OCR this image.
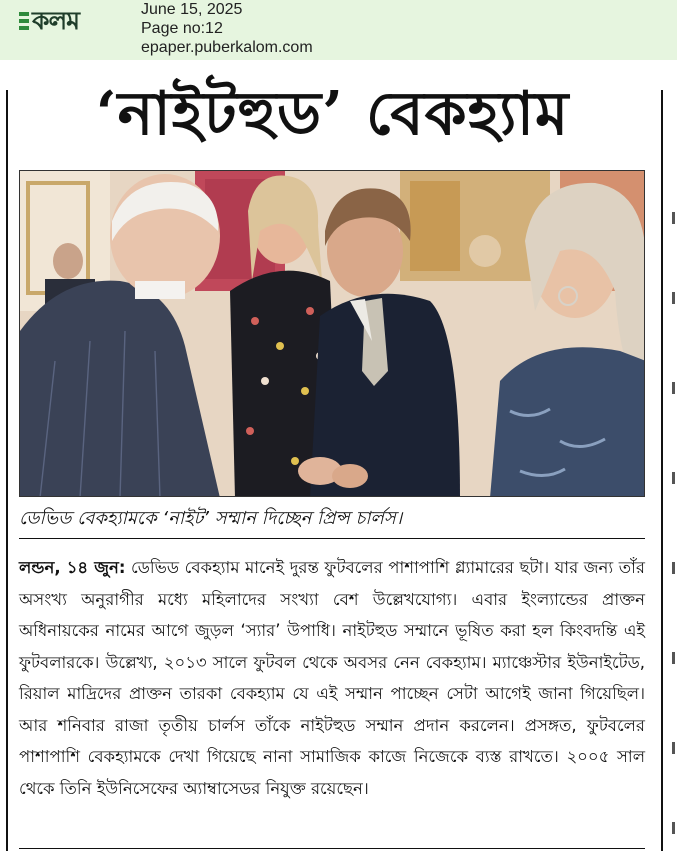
কলম	June 15, 2025
Page no:12
epaper.puberkalom.com
‘নাইটহুড’ বেকহ্যাম
ডেভিড বেকহ্যামকে ‘নাইট’ সম্মান দিচ্ছেন প্রিন্স চার্লস।
লন্ডন, ১৪ জুন: ডেভিড বেকহ্যাম মানেই দুরন্ত ফুটবলের পাশাপাশি গ্ল্যামারের ছটা। যার জন্য তাঁর অসংখ্য অনুরাগীর মধ্যে মহিলাদের সংখ্যা বেশ উল্লেখযোগ্য। এবার ইংল্যান্ডের প্রাক্তন অধিনায়কের নামের আগে জুড়ল ‘স্যার’ উপাধি। নাইটহুড সম্মানে ভূষিত করা হল কিংবদন্তি এই ফুটবলারকে। উল্লেখ্য, ২০১৩ সালে ফুটবল থেকে অবসর নেন বেকহ্যাম। ম্যাঞ্চেস্টার ইউনাইটেড, রিয়াল মাদ্রিদের প্রাক্তন তারকা বেকহ্যাম যে এই সম্মান পাচ্ছেন সেটা আগেই জানা গিয়েছিল। আর শনিবার রাজা তৃতীয় চার্লস তাঁকে নাইটহুড সম্মান প্রদান করলেন। প্রসঙ্গত, ফুটবলের পাশাপাশি বেকহ্যামকে দেখা গিয়েছে নানা সামাজিক কাজে নিজেকে ব্যস্ত রাখতে। ২০০৫ সাল থেকে তিনি ইউনিসেফের অ্যাম্বাসেডর নিযুক্ত রয়েছেন।
